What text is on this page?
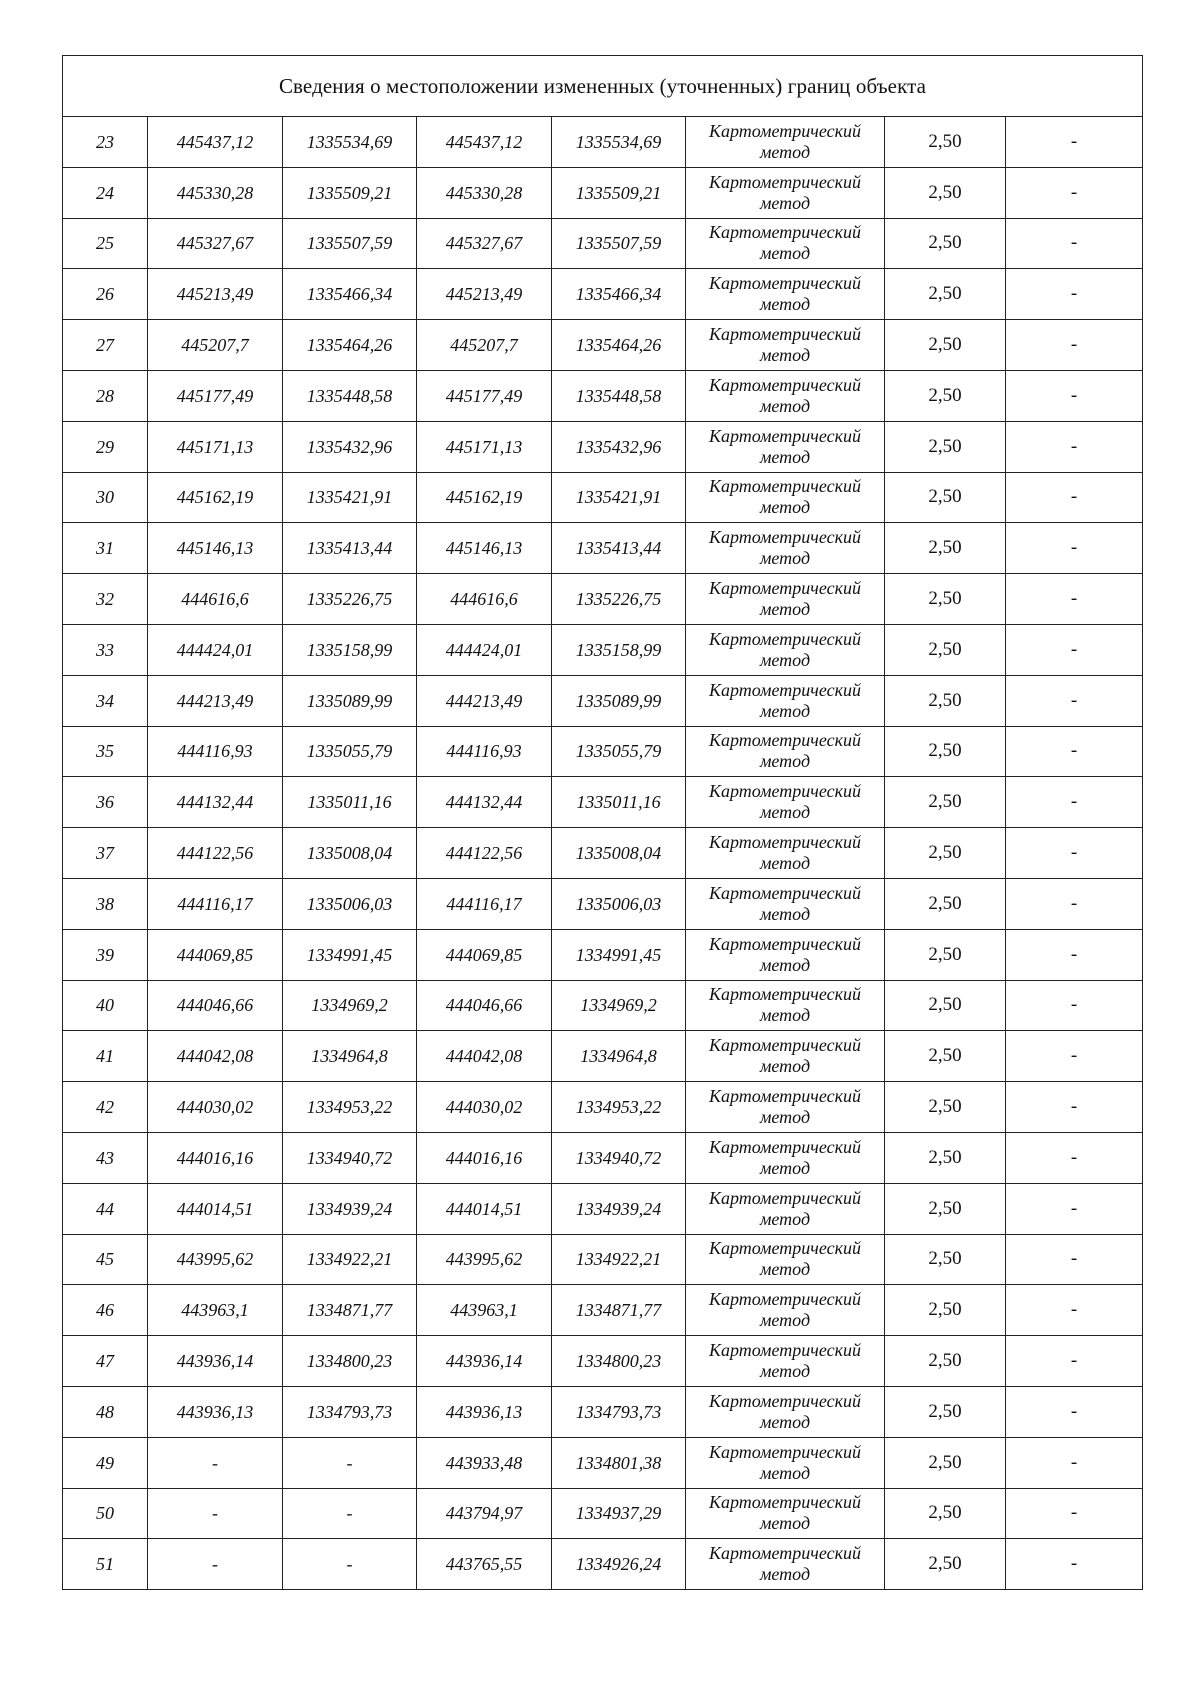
Сведения о местоположении измененных (уточненных) границ объекта							
23	445437,12	1335534,69	445437,12	1335534,69	Картометрический
метод	2,50	-
24	445330,28	1335509,21	445330,28	1335509,21	Картометрический
метод	2,50	-
25	445327,67	1335507,59	445327,67	1335507,59	Картометрический
метод	2,50	-
26	445213,49	1335466,34	445213,49	1335466,34	Картометрический
метод	2,50	-
27	445207,7	1335464,26	445207,7	1335464,26	Картометрический
метод	2,50	-
28	445177,49	1335448,58	445177,49	1335448,58	Картометрический
метод	2,50	-
29	445171,13	1335432,96	445171,13	1335432,96	Картометрический
метод	2,50	-
30	445162,19	1335421,91	445162,19	1335421,91	Картометрический
метод	2,50	-
31	445146,13	1335413,44	445146,13	1335413,44	Картометрический
метод	2,50	-
32	444616,6	1335226,75	444616,6	1335226,75	Картометрический
метод	2,50	-
33	444424,01	1335158,99	444424,01	1335158,99	Картометрический
метод	2,50	-
34	444213,49	1335089,99	444213,49	1335089,99	Картометрический
метод	2,50	-
35	444116,93	1335055,79	444116,93	1335055,79	Картометрический
метод	2,50	-
36	444132,44	1335011,16	444132,44	1335011,16	Картометрический
метод	2,50	-
37	444122,56	1335008,04	444122,56	1335008,04	Картометрический
метод	2,50	-
38	444116,17	1335006,03	444116,17	1335006,03	Картометрический
метод	2,50	-
39	444069,85	1334991,45	444069,85	1334991,45	Картометрический
метод	2,50	-
40	444046,66	1334969,2	444046,66	1334969,2	Картометрический
метод	2,50	-
41	444042,08	1334964,8	444042,08	1334964,8	Картометрический
метод	2,50	-
42	444030,02	1334953,22	444030,02	1334953,22	Картометрический
метод	2,50	-
43	444016,16	1334940,72	444016,16	1334940,72	Картометрический
метод	2,50	-
44	444014,51	1334939,24	444014,51	1334939,24	Картометрический
метод	2,50	-
45	443995,62	1334922,21	443995,62	1334922,21	Картометрический
метод	2,50	-
46	443963,1	1334871,77	443963,1	1334871,77	Картометрический
метод	2,50	-
47	443936,14	1334800,23	443936,14	1334800,23	Картометрический
метод	2,50	-
48	443936,13	1334793,73	443936,13	1334793,73	Картометрический
метод	2,50	-
49	-	-	443933,48	1334801,38	Картометрический
метод	2,50	-
50	-	-	443794,97	1334937,29	Картометрический
метод	2,50	-
51	-	-	443765,55	1334926,24	Картометрический
метод	2,50	-
